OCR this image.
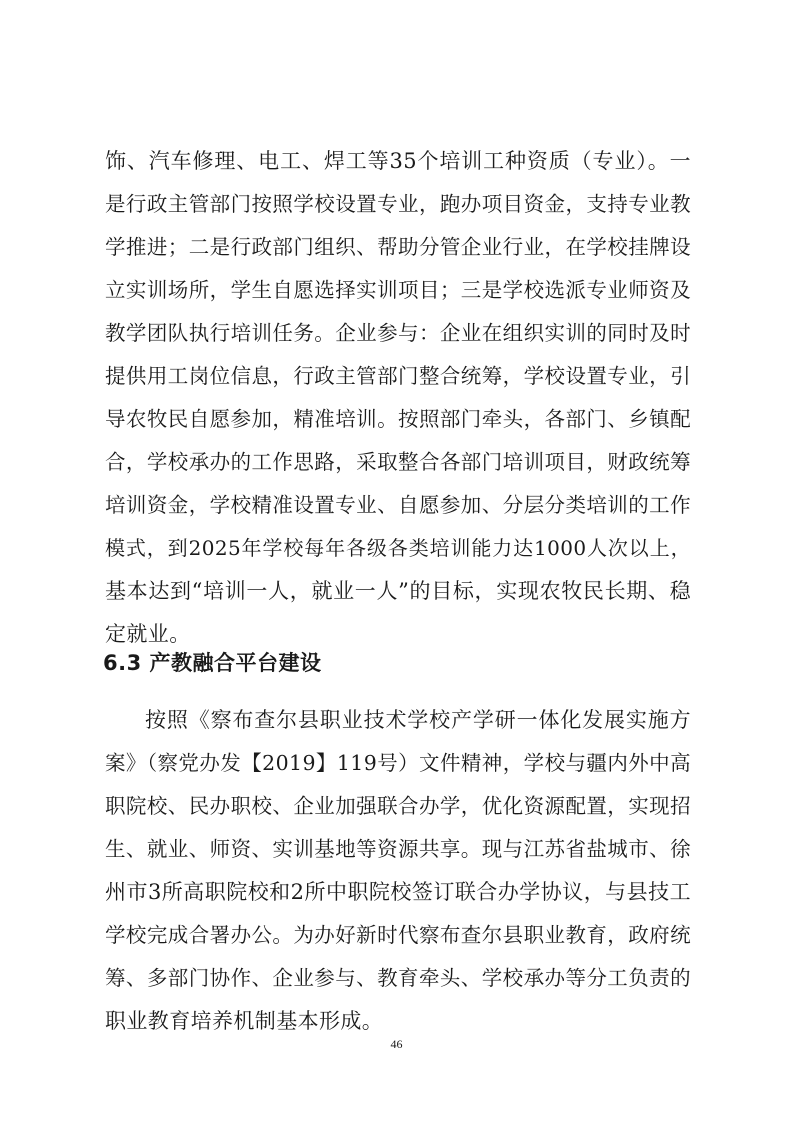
饰、汽车修理、电工、焊工等35个培训工种资质（专业）。一
是行政主管部门按照学校设置专业，跑办项目资金，支持专业教
学推进；二是行政部门组织、帮助分管企业行业，在学校挂牌设
立实训场所，学生自愿选择实训项目；三是学校选派专业师资及
教学团队执行培训任务。企业参与：企业在组织实训的同时及时
提供用工岗位信息，行政主管部门整合统筹，学校设置专业，引
导农牧民自愿参加，精准培训。按照部门牵头，各部门、乡镇配
合，学校承办的工作思路，采取整合各部门培训项目，财政统筹
培训资金，学校精准设置专业、自愿参加、分层分类培训的工作
模式，到2025年学校每年各级各类培训能力达1000人次以上，
基本达到“培训一人，就业一人”的目标，实现农牧民长期、稳
定就业。
6.3 产教融合平台建设
按照《察布查尔县职业技术学校产学研一体化发展实施方
案》（察党办发【2019】119号）文件精神，学校与疆内外中高
职院校、民办职校、企业加强联合办学，优化资源配置，实现招
生、就业、师资、实训基地等资源共享。现与江苏省盐城市、徐
州市3所高职院校和2所中职院校签订联合办学协议，与县技工
学校完成合署办公。为办好新时代察布查尔县职业教育，政府统
筹、多部门协作、企业参与、教育牵头、学校承办等分工负责的
职业教育培养机制基本形成。
46
